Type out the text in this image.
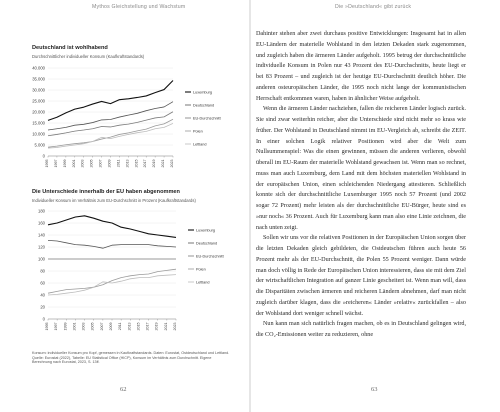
Mythos Gleichstellung und Wachstum
Deutschland ist wohlhabend
Durchschnittlicher individueller Konsum (Kaufkraftstandards)
0
5.000
10.000
15.000
20.000
25.000
30.000
35.000
40.000
1995 1997 1999 2001 2003 2005 2007 2009 2011 2013 2015 2017 2019 2021 2023
Luxemburg
Deutschland
EU-Durchschnitt
Polen
Lettland
Die Unterschiede innerhalb der EU haben abgenommen
Individueller Konsum im Verhältnis zum EU-Durchschnitt in Prozent (Kaufkraftstandards)
0
20
40
60
80
100
120
140
160
180
1995 1997 1999 2001 2003 2005 2007 2009 2011 2013 2015 2017 2019 2021 2023
Luxemburg
Deutschland
EU-Durchschnitt
Polen
Lettland
Konsum: individueller Konsum pro Kopf, gemessen in Kaufkraftstandards. Daten: Eurostat, Ostdeutschland und Lettland. Quelle: Eurostat (2022), Tabelle: EU Statistical Office (HICP), Konsum im Verhältnis zum Durchschnitt. Eigene Berechnung nach Eurostat, 2023, S. 13ff.
62
Die »Deutschland« gibt zurück
63

Dahinter stehen aber zwei durchaus positive Entwicklungen: Insgesamt hat in allen EU-Ländern der materielle Wohlstand in den letzten Dekaden stark zugenommen, und zugleich haben die ärmeren Länder aufgeholt. 1995 betrug der durchschnittliche individuelle Konsum in Polen nur 43 Prozent des EU-Durchschnitts, heute liegt er bei 83 Prozent – und zugleich ist der heutige EU-Durchschnitt deutlich höher. Die anderen osteuropäischen Länder, die 1995 noch nicht lange der kommunistischen Herrschaft entkommen waren, haben in ähnlicher Weise aufgeholt.

Wenn die ärmeren Länder nachziehen, fallen die reicheren Länder logisch zurück. Sie sind zwar weiterhin reicher, aber die Unterschiede sind nicht mehr so krass wie früher. Der Wohlstand in Deutschland nimmt im EU-Vergleich ab, schreibt die ZEIT. In einer solchen Logik relativer Positionen wird aber die Welt zum Nullsummenspiel: Was die einen gewinnen, müssen die anderen verlieren, obwohl überall im EU-Raum der materielle Wohlstand gewachsen ist. Wenn man so rechnet, muss man auch Luxemburg, dem Land mit dem höchsten materiellen Wohlstand in der europäischen Union, einen schleichenden Niedergang attestieren. Schließlich konnte sich der durchschnittliche Luxemburger 1995 noch 57 Prozent (und 2002 sogar 72 Prozent) mehr leisten als der durchschnittliche EU-Bürger, heute sind es »nur noch« 36 Prozent. Auch für Luxemburg kann man also eine Linie zeichnen, die nach unten zeigt.

Sollen wir uns vor die relativen Positionen in der Europäischen Union sorgen über die letzten Dekaden gleich gebildeten, die Ostdeutschen führen auch heute 56 Prozent mehr als der EU-Durchschnitt, die Polen 55 Prozent weniger. Dann würde man doch völlig in Rede der Europäischen Union interessieren, dass sie mit dem Ziel der wirtschaftlichen Integration auf ganzer Linie gescheitert ist. Wenn man will, dass die Disparitäten zwischen ärmeren und reicheren Ländern abnehmen, darf man nicht zugleich darüber klagen, dass die »reicheren« Länder »relativ« zurückfallen – also der Wohlstand dort weniger schnell wächst.

Nun kann man sich natürlich fragen machen, ob es in Deutschland gelingen wird, die CO₂-Emissionen weiter zu reduzieren, ohne
